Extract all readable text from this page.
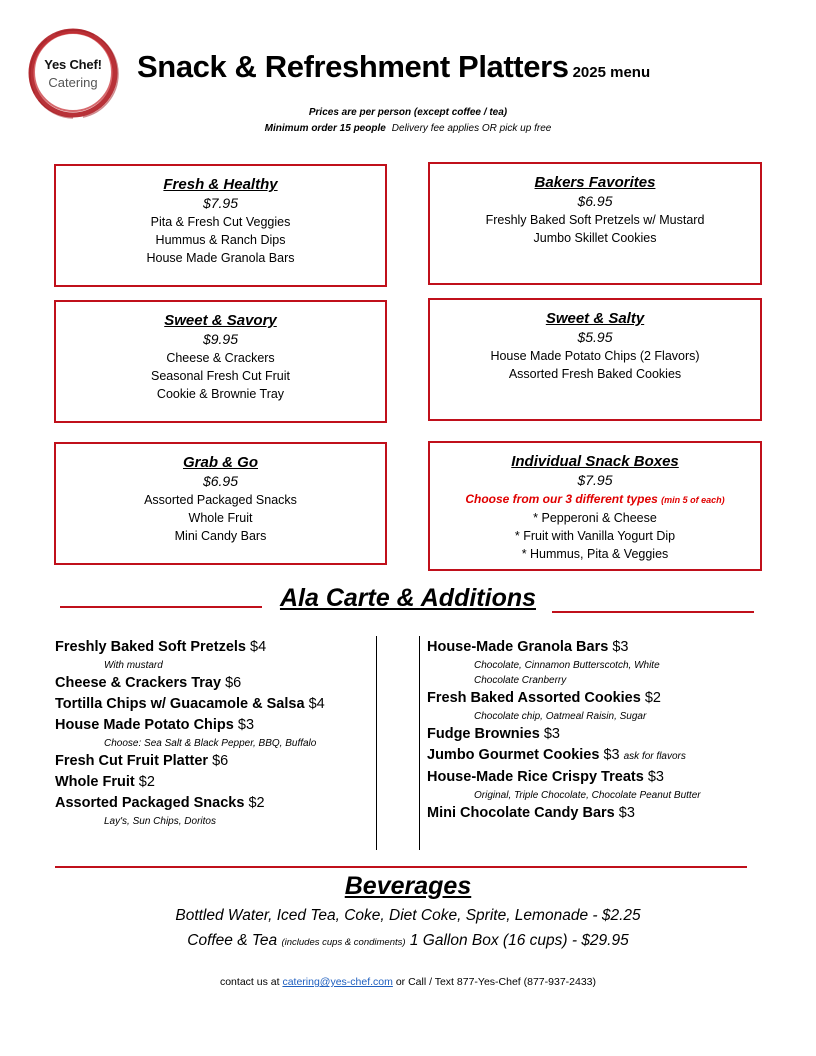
Yes Chef!
Catering	Snack & Refreshment Platters 2025 menu
Prices are per person (except coffee / tea)
Minimum order 15 people Delivery fee applies OR pick up free
Fresh & Healthy
$7.95
Pita & Fresh Cut Veggies
Hummus & Ranch Dips
House Made Granola Bars
Bakers Favorites
$6.95
Freshly Baked Soft Pretzels w/ Mustard
Jumbo Skillet Cookies
Sweet & Savory
$9.95
Cheese & Crackers
Seasonal Fresh Cut Fruit
Cookie & Brownie Tray
Sweet & Salty
$5.95
House Made Potato Chips (2 Flavors)
Assorted Fresh Baked Cookies
Grab & Go
$6.95
Assorted Packaged Snacks
Whole Fruit
Mini Candy Bars
Individual Snack Boxes
$7.95
Choose from our 3 different types (min 5 of each)
* Pepperoni & Cheese
* Fruit with Vanilla Yogurt Dip
* Hummus, Pita & Veggies
Ala Carte & Additions
Freshly Baked Soft Pretzels $4
With mustard
Cheese & Crackers Tray $6
Tortilla Chips w/ Guacamole & Salsa $4
House Made Potato Chips $3
Choose: Sea Salt & Black Pepper, BBQ, Buffalo
Fresh Cut Fruit Platter $6
Whole Fruit $2
Assorted Packaged Snacks $2
Lay's, Sun Chips, Doritos
House-Made Granola Bars $3
Chocolate, Cinnamon Butterscotch, White
Chocolate Cranberry
Fresh Baked Assorted Cookies $2
Chocolate chip, Oatmeal Raisin, Sugar
Fudge Brownies $3
Jumbo Gourmet Cookies $3 ask for flavors
House-Made Rice Crispy Treats $3
Original, Triple Chocolate, Chocolate Peanut Butter
Mini Chocolate Candy Bars $3
Beverages
Bottled Water, Iced Tea, Coke, Diet Coke, Sprite, Lemonade - $2.25
Coffee & Tea (includes cups & condiments) 1 Gallon Box (16 cups) - $29.95
contact us at catering@yes-chef.com or Call / Text 877-Yes-Chef (877-937-2433)
